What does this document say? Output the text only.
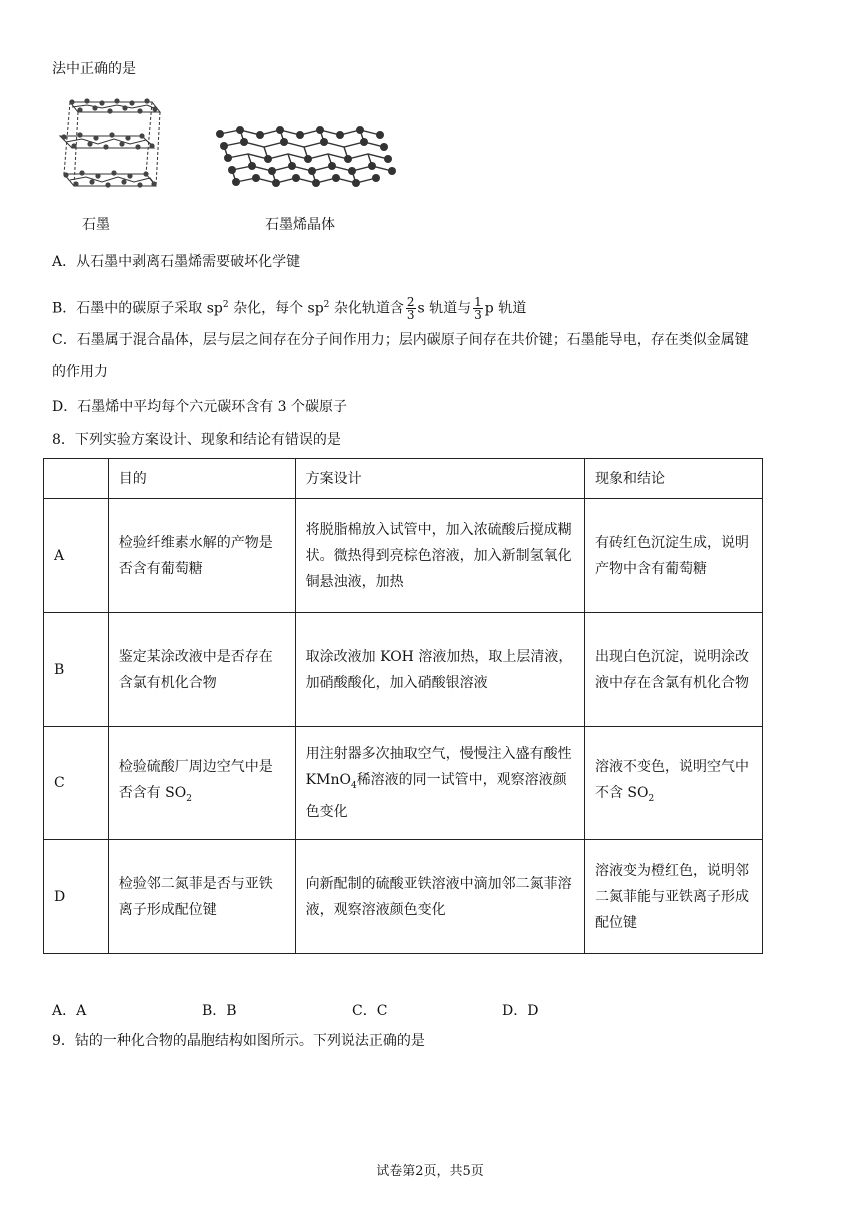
法中正确的是
石墨	石墨烯晶体
A．从石墨中剥离石墨烯需要破坏化学键
B．石墨中的碳原子采取 $sp^2$ 杂化，每个 $sp^2$ 杂化轨道含 $\frac{2}{3}$ s 轨道与 $\frac{1}{3}$ p 轨道
C．石墨属于混合晶体，层与层之间存在分子间作用力；层内碳原子间存在共价键；石墨能导电，存在类似金属键
的作用力
D．石墨烯中平均每个六元碳环含有 3 个碳原子
8．下列实验方案设计、现象和结论有错误的是
	目的	方案设计	现象和结论
A	检验纤维素水解的产物是否含有葡萄糖	将脱脂棉放入试管中，加入浓硫酸后搅成糊状。微热得到亮棕色溶液，加入新制氢氧化铜悬浊液，加热	有砖红色沉淀生成，说明产物中含有葡萄糖
B	鉴定某涂改液中是否存在含氯有机化合物	取涂改液加 KOH 溶液加热，取上层清液，加硝酸酸化，加入硝酸银溶液	出现白色沉淀，说明涂改液中存在含氯有机化合物
C	检验硫酸厂周边空气中是否含有 $SO_2$	用注射器多次抽取空气，慢慢注入盛有酸性 KMnO$_4$稀溶液的同一试管中，观察溶液颜色变化	溶液不变色，说明空气中不含 $SO_2$
D	检验邻二氮菲是否与亚铁离子形成配位键	向新配制的硫酸亚铁溶液中滴加邻二氮菲溶液，观察溶液颜色变化	溶液变为橙红色，说明邻二氮菲能与亚铁离子形成配位键
A．A	B．B	C．C	D．D
9．钴的一种化合物的晶胞结构如图所示。下列说法正确的是
试卷第2页，共5页
